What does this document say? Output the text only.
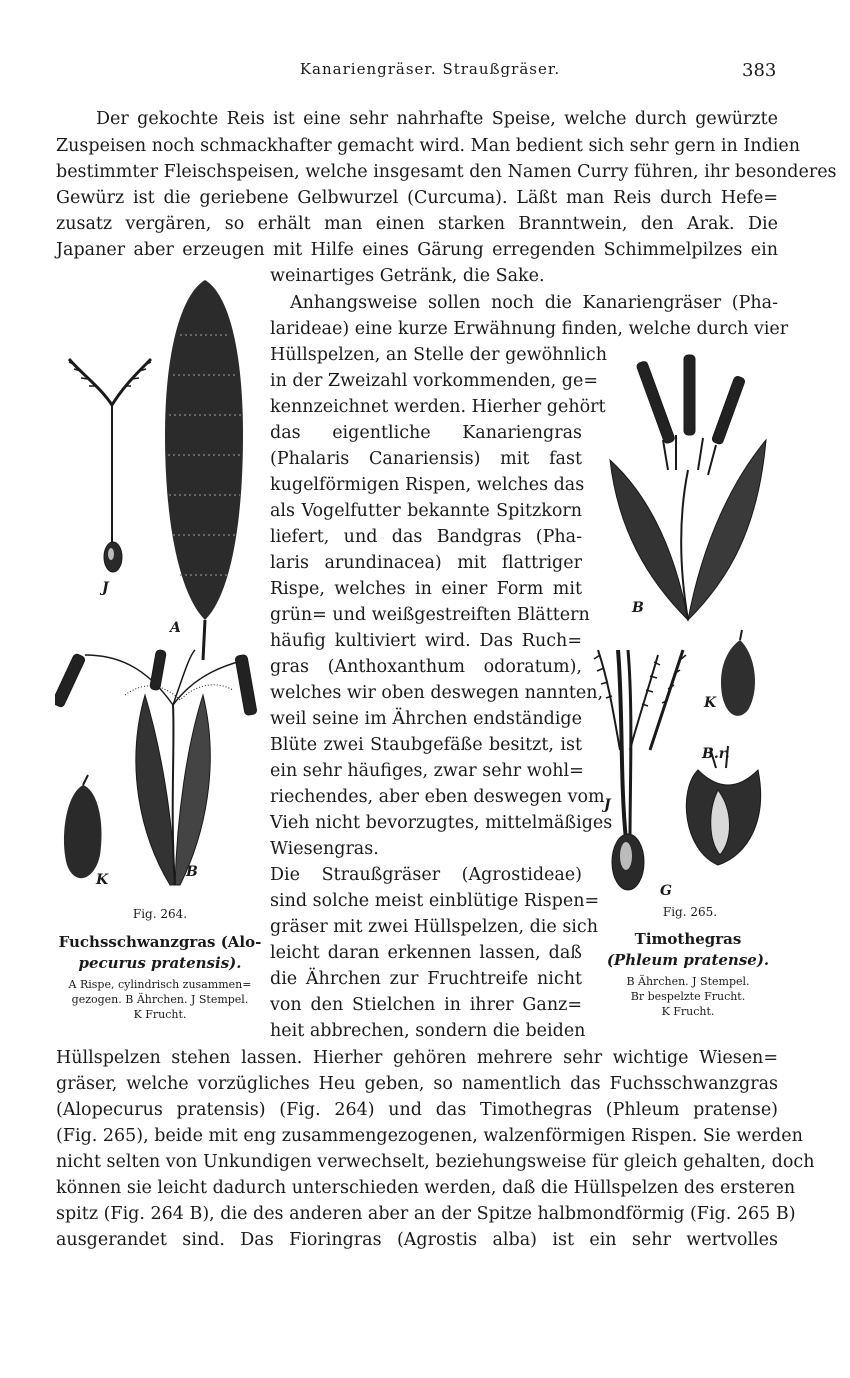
Kanariengräser. Straußgräser.	383
Der gekochte Reis ist eine sehr nahrhafte Speise, welche durch gewürzte
Zuspeisen noch schmackhafter gemacht wird. Man bedient sich sehr gern in Indien
bestimmter Fleischspeisen, welche insgesamt den Namen Curry führen, ihr besonderes
Gewürz ist die geriebene Gelbwurzel (Curcuma). Läßt man Reis durch Hefe=
zusatz vergären, so erhält man einen starken Branntwein, den Arak. Die
Japaner aber erzeugen mit Hilfe eines Gärung erregenden Schimmelpilzes ein
weinartiges Getränk, die Sake.
Anhangsweise sollen noch die Kanariengräser (Pha-
larideae) eine kurze Erwähnung finden, welche durch vier
Hüllspelzen, an Stelle der gewöhnlich
in der Zweizahl vorkommenden, ge=
kennzeichnet werden. Hierher gehört
das eigentliche Kanariengras
(Phalaris Canariensis) mit fast
kugelförmigen Rispen, welches das
als Vogelfutter bekannte Spitzkorn
liefert, und das Bandgras (Pha-
laris arundinacea) mit flattriger
Rispe, welches in einer Form mit
grün= und weißgestreiften Blättern
häufig kultiviert wird. Das Ruch=
gras (Anthoxanthum odoratum),
welches wir oben deswegen nannten,
weil seine im Ährchen endständige
Blüte zwei Staubgefäße besitzt, ist
ein sehr häufiges, zwar sehr wohl=
riechendes, aber eben deswegen vom
Vieh nicht bevorzugtes, mittelmäßiges
Wiesengras.
Die Straußgräser (Agrostideae)
sind solche meist einblütige Rispen=
gräser mit zwei Hüllspelzen, die sich
leicht daran erkennen lassen, daß
die Ährchen zur Fruchtreife nicht
von den Stielchen in ihrer Ganz=
heit abbrechen, sondern die beiden
Hüllspelzen stehen lassen. Hierher gehören mehrere sehr wichtige Wiesen=
gräser, welche vorzügliches Heu geben, so namentlich das Fuchsschwanzgras
(Alopecurus pratensis) (Fig. 264) und das Timothegras (Phleum pratense)
(Fig. 265), beide mit eng zusammengezogenen, walzenförmigen Rispen. Sie werden
nicht selten von Unkundigen verwechselt, beziehungsweise für gleich gehalten, doch
können sie leicht dadurch unterschieden werden, daß die Hüllspelzen des ersteren
spitz (Fig. 264 B), die des anderen aber an der Spitze halbmondförmig (Fig. 265 B)
ausgerandet sind. Das Fioringras (Agrostis alba) ist ein sehr wertvolles
J
A
K	B
Fig. 264.
Fuchsschwanzgras (Alo-
pecurus pratensis).
A Rispe, cylindrisch zusammen=
gezogen. B Ährchen. J Stempel.
K Frucht.
B
K
B.r.
J
G
Fig. 265.
Timothegras
(Phleum pratense).
B Ährchen. J Stempel.
Br bespelzte Frucht.
K Frucht.
